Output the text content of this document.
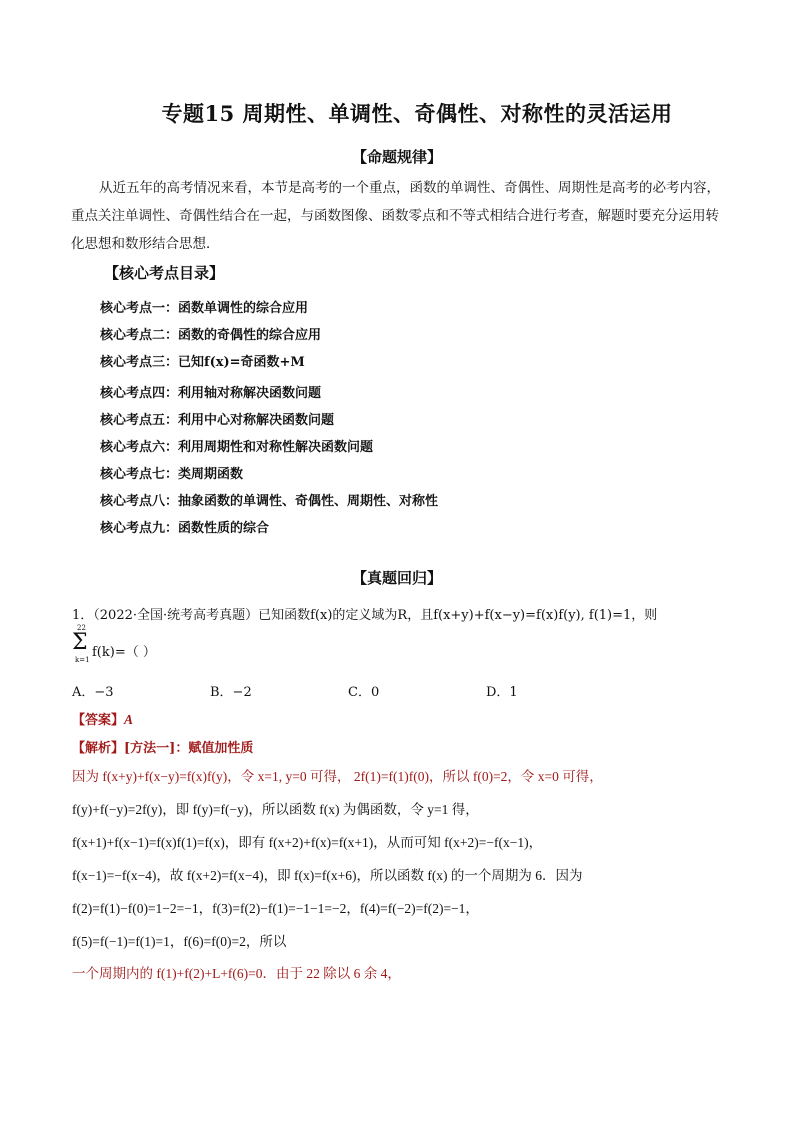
专题15 周期性、单调性、奇偶性、对称性的灵活运用
【命题规律】
从近五年的高考情况来看，本节是高考的一个重点，函数的单调性、奇偶性、周期性是高考的必考内容，重点关注单调性、奇偶性结合在一起，与函数图像、函数零点和不等式相结合进行考查，解题时要充分运用转化思想和数形结合思想．
【核心考点目录】
核心考点一：函数单调性的综合应用
核心考点二：函数的奇偶性的综合应用
核心考点三：已知f(x)=奇函数+M
核心考点四：利用轴对称解决函数问题
核心考点五：利用中心对称解决函数问题
核心考点六：利用周期性和对称性解决函数问题
核心考点七：类周期函数
核心考点八：抽象函数的单调性、奇偶性、周期性、对称性
核心考点九：函数性质的综合
【真题回归】
1．（2022·全国·统考高考真题）已知函数f(x)的定义域为R，且f(x+y)+f(x−y)=f(x)f(y), f(1)=1，则
22
Σ
k=1 f(k)=（ ）
A．−3	B．−2	C．0	D．1
【答案】A
【解析】[方法一]：赋值加性质
因为 f(x+y)+f(x−y)=f(x)f(y)，令 x=1, y=0 可得， 2f(1)=f(1)f(0)，所以 f(0)=2，令 x=0 可得，
f(y)+f(−y)=2f(y)，即 f(y)=f(−y)，所以函数 f(x) 为偶函数，令 y=1 得，
f(x+1)+f(x−1)=f(x)f(1)=f(x)，即有 f(x+2)+f(x)=f(x+1)，从而可知 f(x+2)=−f(x−1)，
f(x−1)=−f(x−4)，故 f(x+2)=f(x−4)，即 f(x)=f(x+6)，所以函数 f(x) 的一个周期为 6．因为
f(2)=f(1)−f(0)=1−2=−1，f(3)=f(2)−f(1)=−1−1=−2，f(4)=f(−2)=f(2)=−1，
f(5)=f(−1)=f(1)=1，f(6)=f(0)=2，所以
一个周期内的 f(1)+f(2)+L+f(6)=0．由于 22 除以 6 余 4，
